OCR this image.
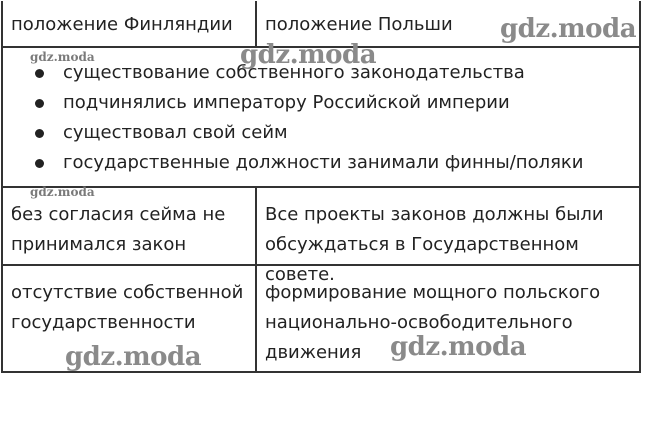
положение Финляндии	положение Польши
существование собственного законодательства
подчинялись императору Российской империи
существовал свой сейм
государственные должности занимали финны/поляки
без согласия сейма не принимался закон
Все проекты законов должны были обсуждаться в Государственном совете.
отсутствие собственной государственности
формирование мощного польского национально-освободительного движения
gdz.moda
gdz.moda
gdz.moda
gdz.moda
gdz.moda	gdz.moda
